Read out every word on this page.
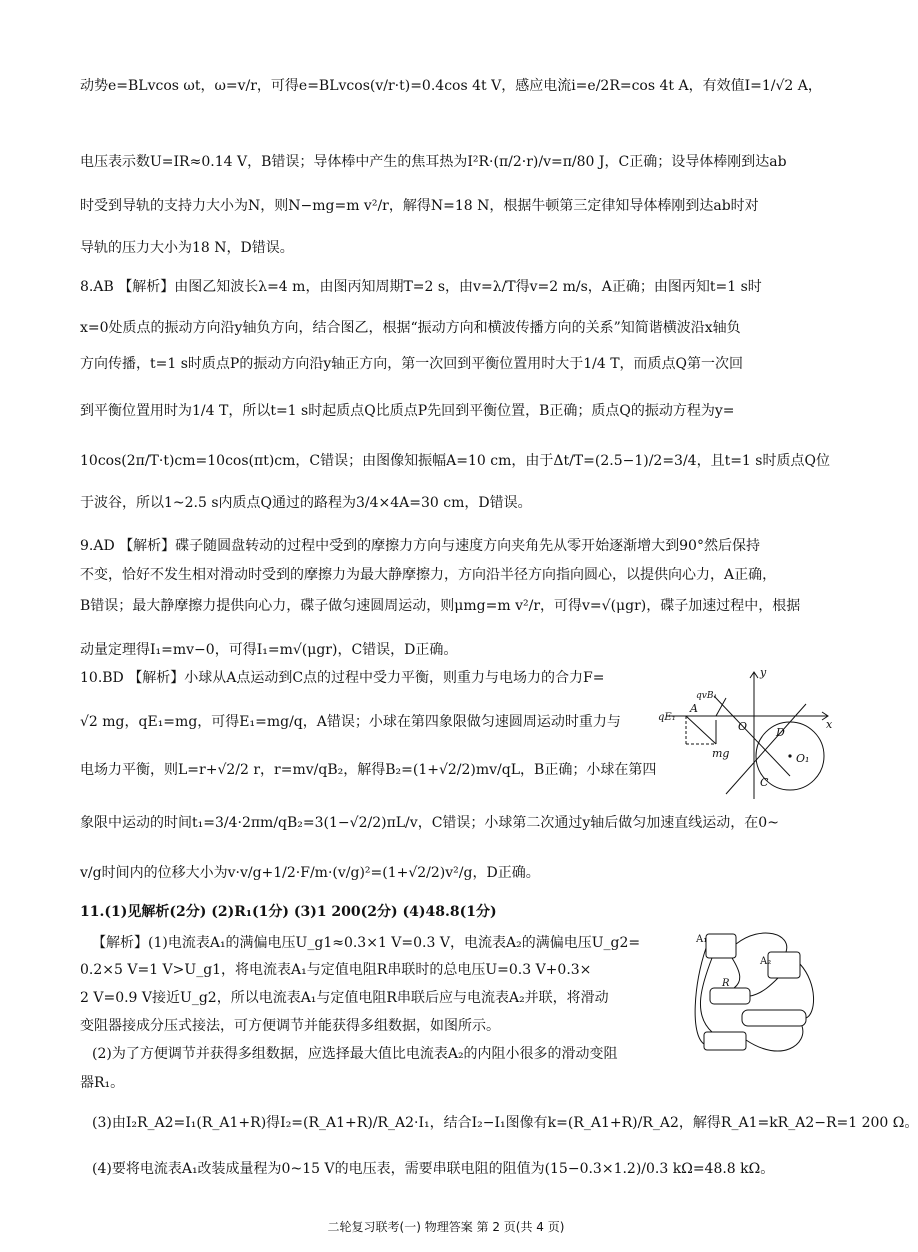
动势e=BLvcos ωt，ω=v/r，可得e=BLvcos(v/r·t)=0.4cos 4t V，感应电流i=e/2R=cos 4t A，有效值I=1/√2 A，
电压表示数U=IR≈0.14 V，B错误；导体棒中产生的焦耳热为I²R·(π/2·r)/v=π/80 J，C正确；设导体棒刚到达ab
时受到导轨的支持力大小为N，则N−mg=m v²/r，解得N=18 N，根据牛顿第三定律知导体棒刚到达ab时对
导轨的压力大小为18 N，D错误。
8.AB 【解析】由图乙知波长λ=4 m，由图丙知周期T=2 s，由v=λ/T得v=2 m/s，A正确；由图丙知t=1 s时
x=0处质点的振动方向沿y轴负方向，结合图乙，根据“振动方向和横波传播方向的关系”知简谐横波沿x轴负
方向传播，t=1 s时质点P的振动方向沿y轴正方向，第一次回到平衡位置用时大于1/4 T，而质点Q第一次回
到平衡位置用时为1/4 T，所以t=1 s时起质点Q比质点P先回到平衡位置，B正确；质点Q的振动方程为y=
10cos(2π/T·t)cm=10cos(πt)cm，C错误；由图像知振幅A=10 cm，由于Δt/T=(2.5−1)/2=3/4，且t=1 s时质点Q位
于波谷，所以1~2.5 s内质点Q通过的路程为3/4×4A=30 cm，D错误。
9.AD 【解析】碟子随圆盘转动的过程中受到的摩擦力方向与速度方向夹角先从零开始逐渐增大到90°然后保持
不变，恰好不发生相对滑动时受到的摩擦力为最大静摩擦力，方向沿半径方向指向圆心，以提供向心力，A正确，
B错误；最大静摩擦力提供向心力，碟子做匀速圆周运动，则μmg=m v²/r，可得v=√(μgr)，碟子加速过程中，根据
动量定理得I₁=mv−0，可得I₁=m√(μgr)，C错误，D正确。
10.BD 【解析】小球从A点运动到C点的过程中受力平衡，则重力与电场力的合力F=
√2 mg，qE₁=mg，可得E₁=mg/q，A错误；小球在第四象限做匀速圆周运动时重力与
电场力平衡，则L=r+√2/2 r，r=mv/qB₂，解得B₂=(1+√2/2)mv/qL，B正确；小球在第四
象限中运动的时间t₁=3/4·2πm/qB₂=3(1−√2/2)πL/v，C错误；小球第二次通过y轴后做匀加速直线运动，在0~
v/g时间内的位移大小为v·v/g+1/2·F/m·(v/g)²=(1+√2/2)v²/g，D正确。
11.(1)见解析(2分) (2)R₁(1分) (3)1 200(2分) (4)48.8(1分)
【解析】(1)电流表A₁的满偏电压U_g1≈0.3×1 V=0.3 V，电流表A₂的满偏电压U_g2=
0.2×5 V=1 V>U_g1，将电流表A₁与定值电阻R串联时的总电压U=0.3 V+0.3×
2 V=0.9 V接近U_g2，所以电流表A₁与定值电阻R串联后应与电流表A₂并联，将滑动
变阻器接成分压式接法，可方便调节并能获得多组数据，如图所示。
(2)为了方便调节并获得多组数据，应选择最大值比电流表A₂的内阻小很多的滑动变阻
器R₁。
(3)由I₂R_A2=I₁(R_A1+R)得I₂=(R_A1+R)/R_A2·I₁，结合I₂−I₁图像有k=(R_A1+R)/R_A2，解得R_A1=kR_A2−R=1 200 Ω。
(4)要将电流表A₁改装成量程为0~15 V的电压表，需要串联电阻的阻值为(15−0.3×1.2)/0.3 kΩ=48.8 kΩ。
y
x
qvB₁
qE₁
A
O	D
O₁
C
mg
A₁
A₂
R
二轮复习联考(一) 物理答案 第 2 页(共 4 页)
